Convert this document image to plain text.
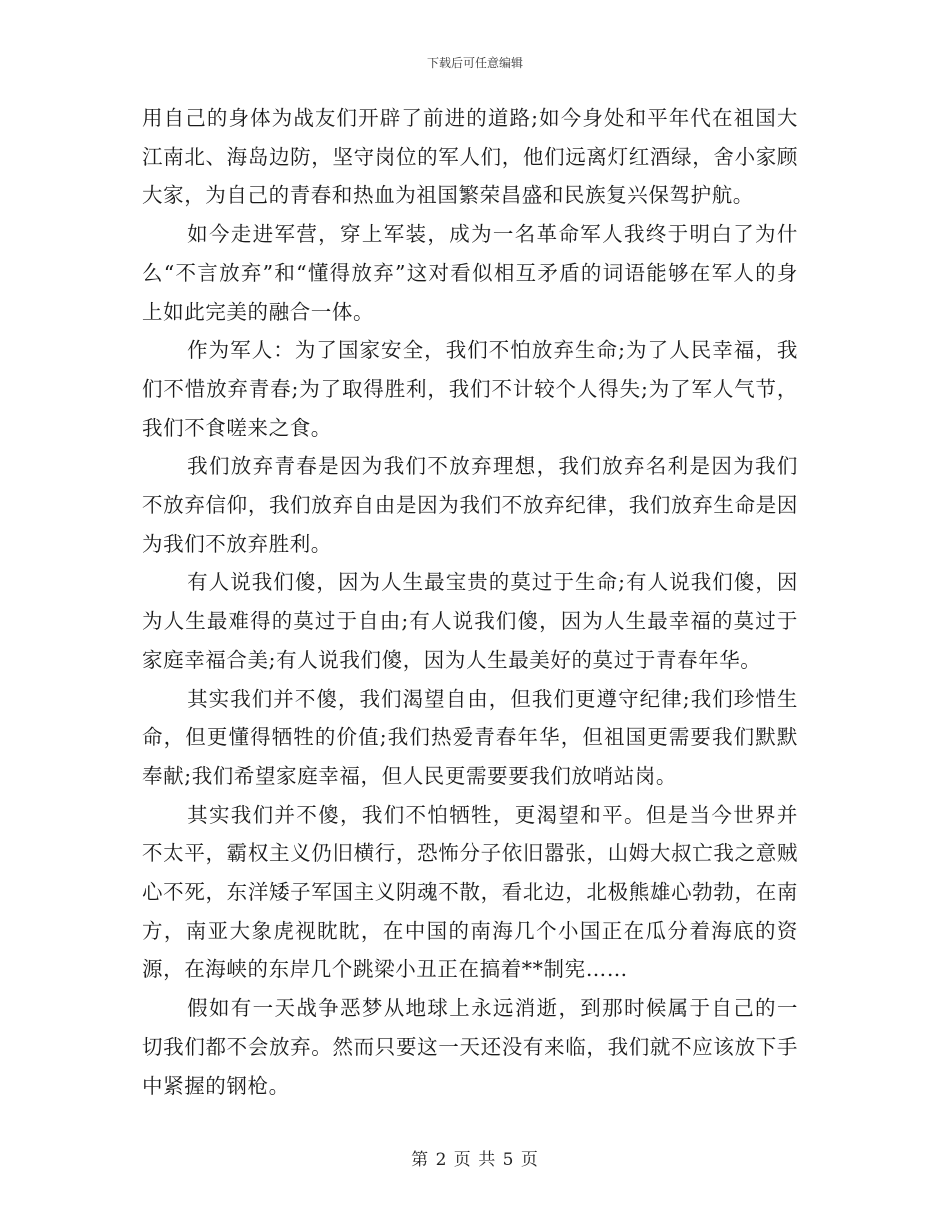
下载后可任意编辑

用自己的身体为战友们开辟了前进的道路;如今身处和平年代在祖国大江南北、海岛边防，坚守岗位的军人们，他们远离灯红酒绿，舍小家顾大家，为自己的青春和热血为祖国繁荣昌盛和民族复兴保驾护航。

如今走进军营，穿上军装，成为一名革命军人我终于明白了为什么“不言放弃”和“懂得放弃”这对看似相互矛盾的词语能够在军人的身上如此完美的融合一体。

作为军人：为了国家安全，我们不怕放弃生命;为了人民幸福，我们不惜放弃青春;为了取得胜利，我们不计较个人得失;为了军人气节，我们不食嗟来之食。

我们放弃青春是因为我们不放弃理想，我们放弃名利是因为我们不放弃信仰，我们放弃自由是因为我们不放弃纪律，我们放弃生命是因为我们不放弃胜利。

有人说我们傻，因为人生最宝贵的莫过于生命;有人说我们傻，因为人生最难得的莫过于自由;有人说我们傻，因为人生最幸福的莫过于家庭幸福合美;有人说我们傻，因为人生最美好的莫过于青春年华。

其实我们并不傻，我们渴望自由，但我们更遵守纪律;我们珍惜生命，但更懂得牺牲的价值;我们热爱青春年华，但祖国更需要我们默默奉献;我们希望家庭幸福，但人民更需要要我们放哨站岗。

其实我们并不傻，我们不怕牺牲，更渴望和平。但是当今世界并不太平，霸权主义仍旧横行，恐怖分子依旧嚣张，山姆大叔亡我之意贼心不死，东洋矮子军国主义阴魂不散，看北边，北极熊雄心勃勃，在南方，南亚大象虎视眈眈，在中国的南海几个小国正在瓜分着海底的资源，在海峡的东岸几个跳梁小丑正在搞着**制宪……

假如有一天战争恶梦从地球上永远消逝，到那时候属于自己的一切我们都不会放弃。然而只要这一天还没有来临，我们就不应该放下手中紧握的钢枪。

第 2 页 共 5 页
